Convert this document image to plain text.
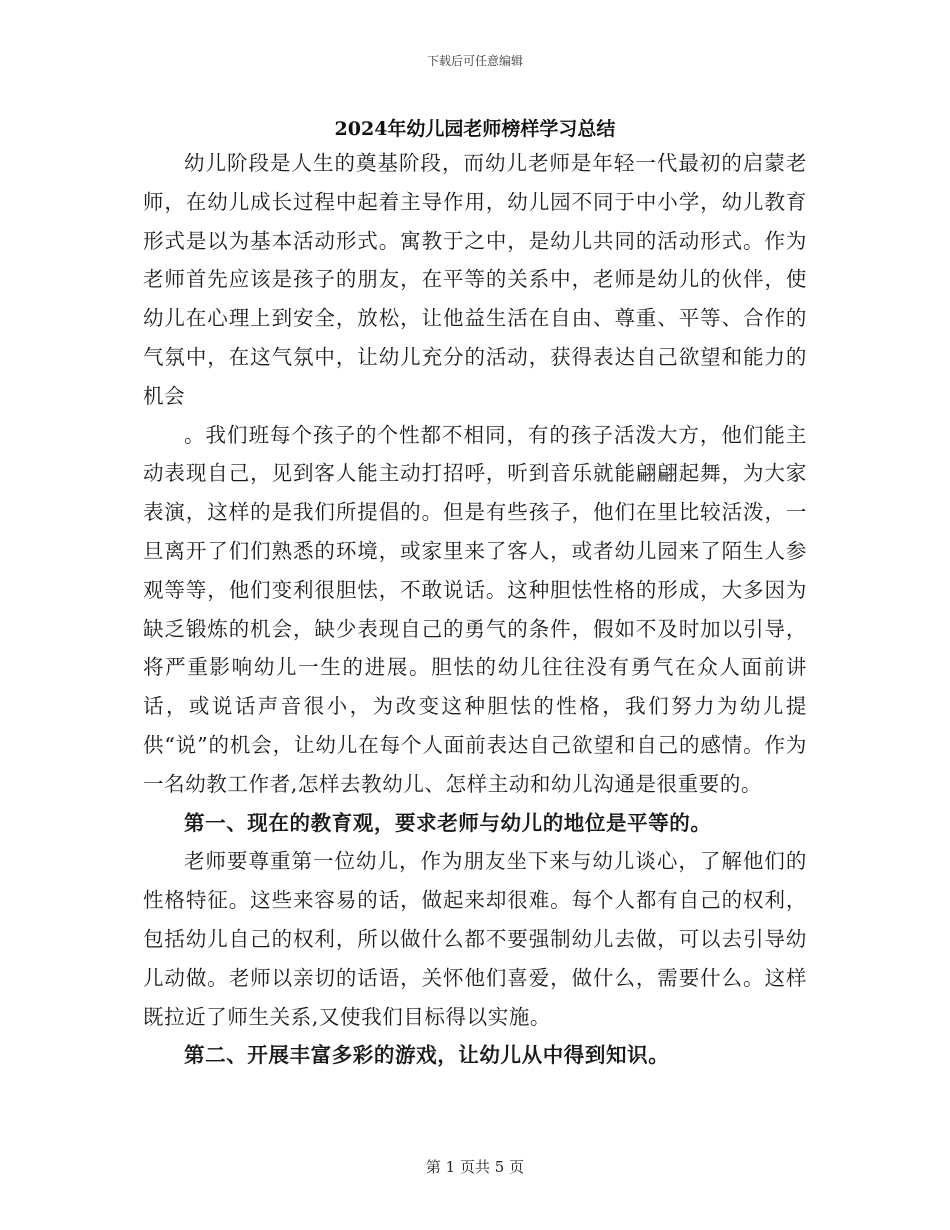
下载后可任意编辑
2024年幼儿园老师榜样学习总结

幼儿阶段是人生的奠基阶段，而幼儿老师是年轻一代最初的启蒙老师，在幼儿成长过程中起着主导作用，幼儿园不同于中小学，幼儿教育形式是以为基本活动形式。寓教于之中，是幼儿共同的活动形式。作为老师首先应该是孩子的朋友，在平等的关系中，老师是幼儿的伙伴，使幼儿在心理上到安全，放松，让他益生活在自由、尊重、平等、合作的气氛中，在这气氛中，让幼儿充分的活动，获得表达自己欲望和能力的机会

。我们班每个孩子的个性都不相同，有的孩子活泼大方，他们能主动表现自己，见到客人能主动打招呼，听到音乐就能翩翩起舞，为大家表演，这样的是我们所提倡的。但是有些孩子，他们在里比较活泼，一旦离开了们们熟悉的环境，或家里来了客人，或者幼儿园来了陌生人参观等等，他们变利很胆怯，不敢说话。这种胆怯性格的形成，大多因为缺乏锻炼的机会，缺少表现自己的勇气的条件，假如不及时加以引导，将严重影响幼儿一生的进展。胆怯的幼儿往往没有勇气在众人面前讲话，或说话声音很小，为改变这种胆怯的性格，我们努力为幼儿提供“说”的机会，让幼儿在每个人面前表达自己欲望和自己的感情。作为一名幼教工作者,怎样去教幼儿、怎样主动和幼儿沟通是很重要的。

第一、现在的教育观，要求老师与幼儿的地位是平等的。

老师要尊重第一位幼儿，作为朋友坐下来与幼儿谈心，了解他们的性格特征。这些来容易的话，做起来却很难。每个人都有自己的权利，包括幼儿自己的权利，所以做什么都不要强制幼儿去做，可以去引导幼儿动做。老师以亲切的话语，关怀他们喜爱，做什么，需要什么。这样既拉近了师生关系,又使我们目标得以实施。

第二、开展丰富多彩的游戏，让幼儿从中得到知识。

第 1 页共 5 页
